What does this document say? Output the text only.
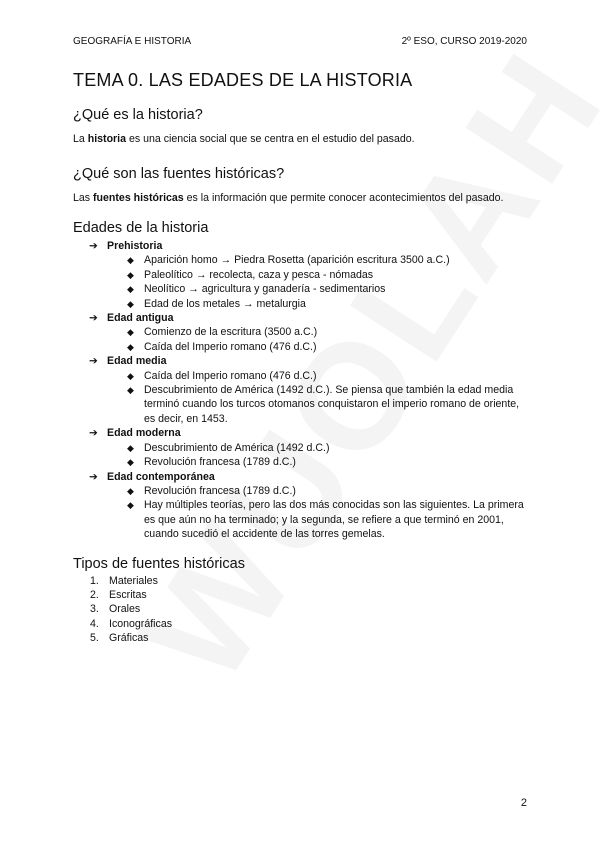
GEOGRAFÍA E HISTORIA	2º ESO, CURSO 2019-2020
TEMA 0. LAS EDADES DE LA HISTORIA
¿Qué es la historia?

La historia es una ciencia social que se centra en el estudio del pasado.

¿Qué son las fuentes históricas?

Las fuentes históricas es la información que permite conocer acontecimientos del pasado.

Edades de la historia
➔ Prehistoria
◆ Aparición homo → Piedra Rosetta (aparición escritura 3500 a.C.)
◆ Paleolítico → recolecta, caza y pesca - nómadas
◆ Neolítico → agricultura y ganadería - sedimentarios
◆ Edad de los metales → metalurgia
➔ Edad antigua
◆ Comienzo de la escritura (3500 a.C.)
◆ Caída del Imperio romano (476 d.C.)
➔ Edad media
◆ Caída del Imperio romano (476 d.C.)
◆ Descubrimiento de América (1492 d.C.). Se piensa que también la edad media terminó cuando los turcos otomanos conquistaron el imperio romano de oriente, es decir, en 1453.
➔ Edad moderna
◆ Descubrimiento de América (1492 d.C.)
◆ Revolución francesa (1789 d.C.)
➔ Edad contemporánea
◆ Revolución francesa (1789 d.C.)
◆ Hay múltiples teorías, pero las dos más conocidas son las siguientes. La primera es que aún no ha terminado; y la segunda, se refiere a que terminó en 2001, cuando sucedió el accidente de las torres gemelas.
Tipos de fuentes históricas
1. Materiales
2. Escritas
3. Orales
4. Iconográficas
5. Gráficas
2
